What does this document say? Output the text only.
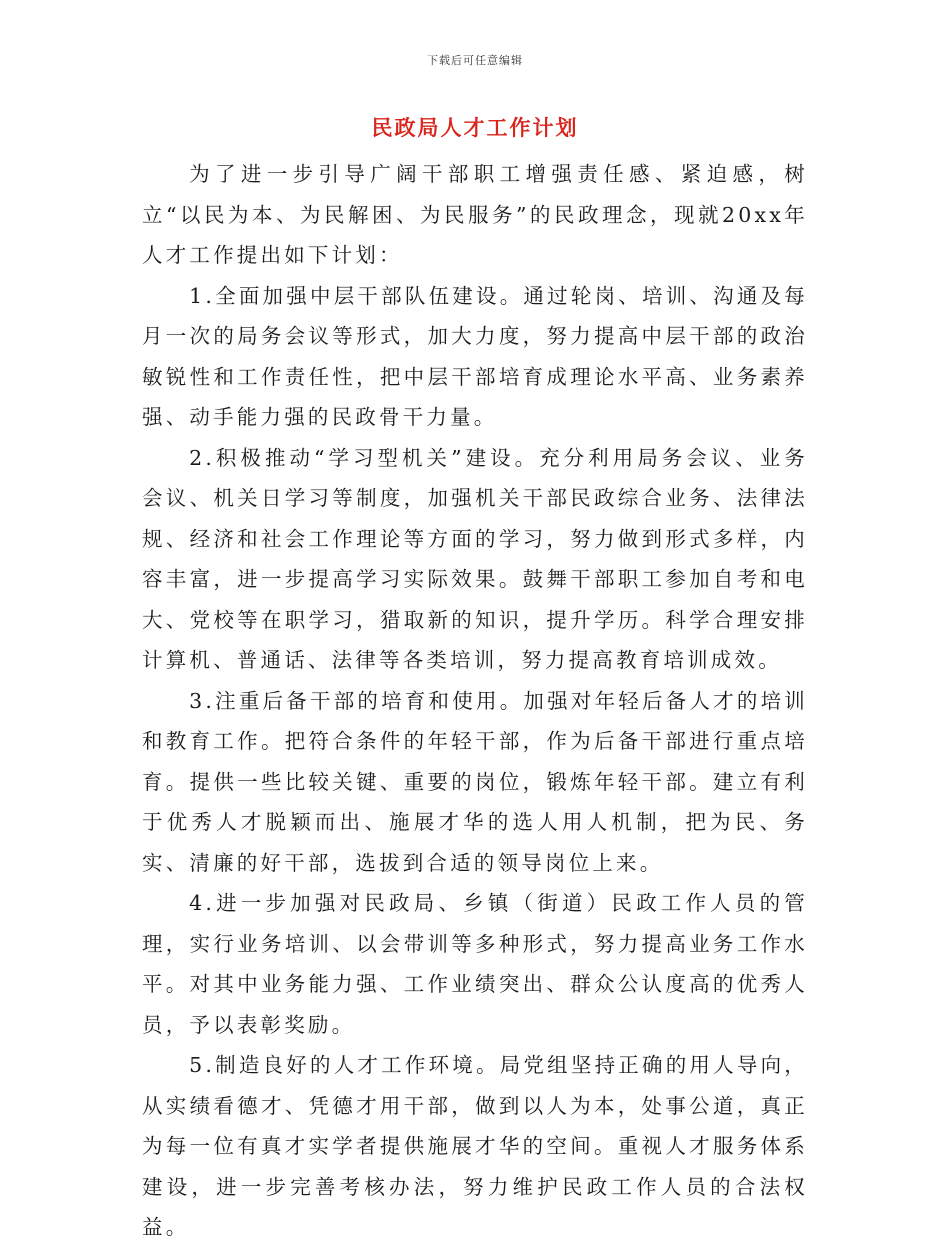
下载后可任意编辑
民政局人才工作计划

为了进一步引导广阔干部职工增强责任感、紧迫感，树立“以民为本、为民解困、为民服务”的民政理念，现就20xx年人才工作提出如下计划：

1.全面加强中层干部队伍建设。通过轮岗、培训、沟通及每月一次的局务会议等形式，加大力度，努力提高中层干部的政治敏锐性和工作责任性，把中层干部培育成理论水平高、业务素养强、动手能力强的民政骨干力量。

2.积极推动“学习型机关”建设。充分利用局务会议、业务会议、机关日学习等制度，加强机关干部民政综合业务、法律法规、经济和社会工作理论等方面的学习，努力做到形式多样，内容丰富，进一步提高学习实际效果。鼓舞干部职工参加自考和电大、党校等在职学习，猎取新的知识，提升学历。科学合理安排计算机、普通话、法律等各类培训，努力提高教育培训成效。

3.注重后备干部的培育和使用。加强对年轻后备人才的培训和教育工作。把符合条件的年轻干部，作为后备干部进行重点培育。提供一些比较关键、重要的岗位，锻炼年轻干部。建立有利于优秀人才脱颖而出、施展才华的选人用人机制，把为民、务实、清廉的好干部，选拔到合适的领导岗位上来。

4.进一步加强对民政局、乡镇（街道）民政工作人员的管理，实行业务培训、以会带训等多种形式，努力提高业务工作水平。对其中业务能力强、工作业绩突出、群众公认度高的优秀人员，予以表彰奖励。

5.制造良好的人才工作环境。局党组坚持正确的用人导向，从实绩看德才、凭德才用干部，做到以人为本，处事公道，真正为每一位有真才实学者提供施展才华的空间。重视人才服务体系建设，进一步完善考核办法，努力维护民政工作人员的合法权益。
